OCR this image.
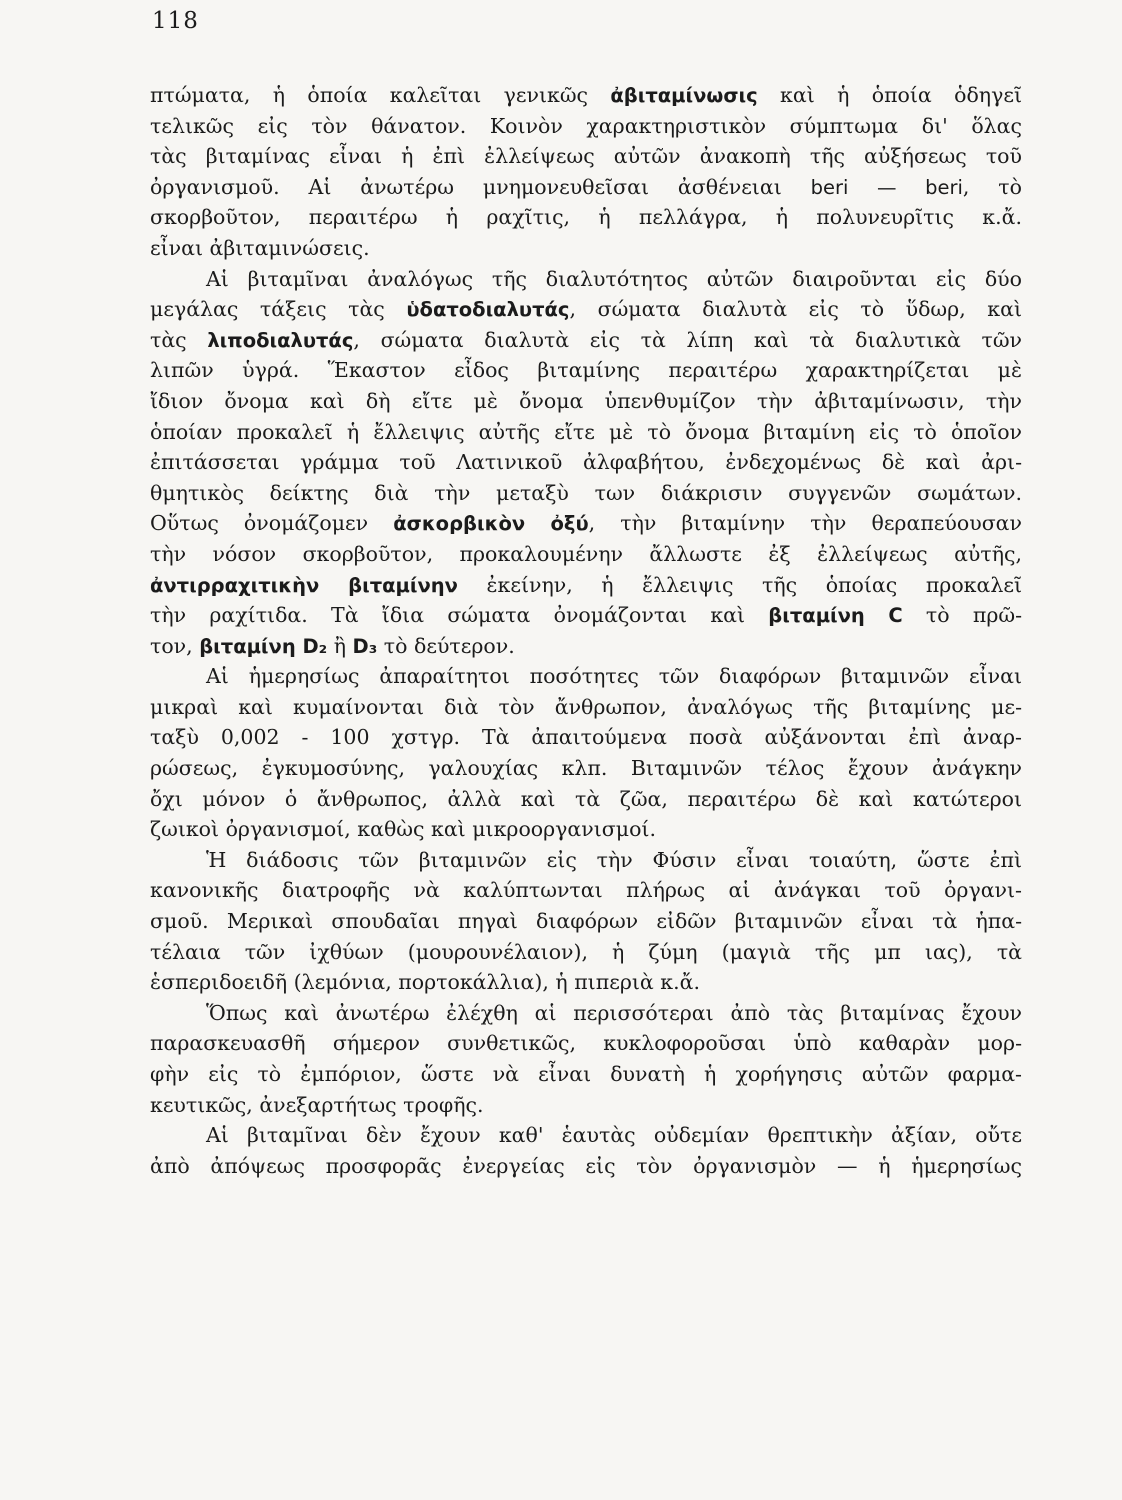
118
πτώματα, ἡ ὁποία καλεῖται γενικῶς ἀβιταμίνωσις καὶ ἡ ὁποία ὁδηγεῖ
τελικῶς εἰς τὸν θάνατον. Κοινὸν χαρακτηριστικὸν σύμπτωμα δι' ὅλας
τὰς βιταμίνας εἶναι ἡ ἐπὶ ἐλλείψεως αὐτῶν ἀνακοπὴ τῆς αὐξήσεως τοῦ
ὀργανισμοῦ. Αἱ ἀνωτέρω μνημονευθεῖσαι ἀσθένειαι beri — beri, τὸ
σκορβοῦτον, περαιτέρω ἡ ραχῖτις, ἡ πελλάγρα, ἡ πολυνευρῖτις κ.ἄ.
εἶναι ἀβιταμινώσεις.
Αἱ βιταμῖναι ἀναλόγως τῆς διαλυτότητος αὐτῶν διαιροῦνται εἰς δύο
μεγάλας τάξεις τὰς ὑδατοδιαλυτάς, σώματα διαλυτὰ εἰς τὸ ὕδωρ, καὶ
τὰς λιποδιαλυτάς, σώματα διαλυτὰ εἰς τὰ λίπη καὶ τὰ διαλυτικὰ τῶν
λιπῶν ὑγρά. Ἕκαστον εἶδος βιταμίνης περαιτέρω χαρακτηρίζεται μὲ
ἴδιον ὄνομα καὶ δὴ εἴτε μὲ ὄνομα ὑπενθυμίζον τὴν ἀβιταμίνωσιν, τὴν
ὁποίαν προκαλεῖ ἡ ἔλλειψις αὐτῆς εἴτε μὲ τὸ ὄνομα βιταμίνη εἰς τὸ ὁποῖον
ἐπιτάσσεται γράμμα τοῦ Λατινικοῦ ἀλφαβήτου, ἐνδεχομένως δὲ καὶ ἀρι-
θμητικὸς δείκτης διὰ τὴν μεταξὺ των διάκρισιν συγγενῶν σωμάτων.
Οὕτως ὀνομάζομεν ἀσκορβικὸν ὀξύ, τὴν βιταμίνην τὴν θεραπεύουσαν
τὴν νόσον σκορβοῦτον, προκαλουμένην ἄλλωστε ἐξ ἐλλείψεως αὐτῆς,
ἀντιρραχιτικὴν βιταμίνην ἐκείνην, ἡ ἔλλειψις τῆς ὁποίας προκαλεῖ
τὴν ραχίτιδα. Τὰ ἴδια σώματα ὀνομάζονται καὶ βιταμίνη C τὸ πρῶ-
τον, βιταμίνη D₂ ἢ D₃ τὸ δεύτερον.
Αἱ ἡμερησίως ἀπαραίτητοι ποσότητες τῶν διαφόρων βιταμινῶν εἶναι
μικραὶ καὶ κυμαίνονται διὰ τὸν ἄνθρωπον, ἀναλόγως τῆς βιταμίνης με-
ταξὺ 0,002 - 100 χστγρ. Τὰ ἀπαιτούμενα ποσὰ αὐξάνονται ἐπὶ ἀναρ-
ρώσεως, ἐγκυμοσύνης, γαλουχίας κλπ. Βιταμινῶν τέλος ἔχουν ἀνάγκην
ὄχι μόνον ὁ ἄνθρωπος, ἀλλὰ καὶ τὰ ζῶα, περαιτέρω δὲ καὶ κατώτεροι
ζωικοὶ ὀργανισμοί, καθὼς καὶ μικροοργανισμοί.
Ἡ διάδοσις τῶν βιταμινῶν εἰς τὴν Φύσιν εἶναι τοιαύτη, ὥστε ἐπὶ
κανονικῆς διατροφῆς νὰ καλύπτωνται πλήρως αἱ ἀνάγκαι τοῦ ὀργανι-
σμοῦ. Μερικαὶ σπουδαῖαι πηγαὶ διαφόρων εἰδῶν βιταμινῶν εἶναι τὰ ἡπα-
τέλαια τῶν ἰχθύων (μουρουνέλαιον), ἡ ζύμη (μαγιὰ τῆς μπ ιας), τὰ
ἑσπεριδοειδῆ (λεμόνια, πορτοκάλλια), ἡ πιπεριὰ κ.ἄ.
Ὅπως καὶ ἀνωτέρω ἐλέχθη αἱ περισσότεραι ἀπὸ τὰς βιταμίνας ἔχουν
παρασκευασθῆ σήμερον συνθετικῶς, κυκλοφοροῦσαι ὑπὸ καθαρὰν μορ-
φὴν εἰς τὸ ἐμπόριον, ὥστε νὰ εἶναι δυνατὴ ἡ χορήγησις αὐτῶν φαρμα-
κευτικῶς, ἀνεξαρτήτως τροφῆς.
Αἱ βιταμῖναι δὲν ἔχουν καθ' ἑαυτὰς οὐδεμίαν θρεπτικὴν ἀξίαν, οὔτε
ἀπὸ ἀπόψεως προσφορᾶς ἐνεργείας εἰς τὸν ὀργανισμὸν — ἡ ἡμερησίως
